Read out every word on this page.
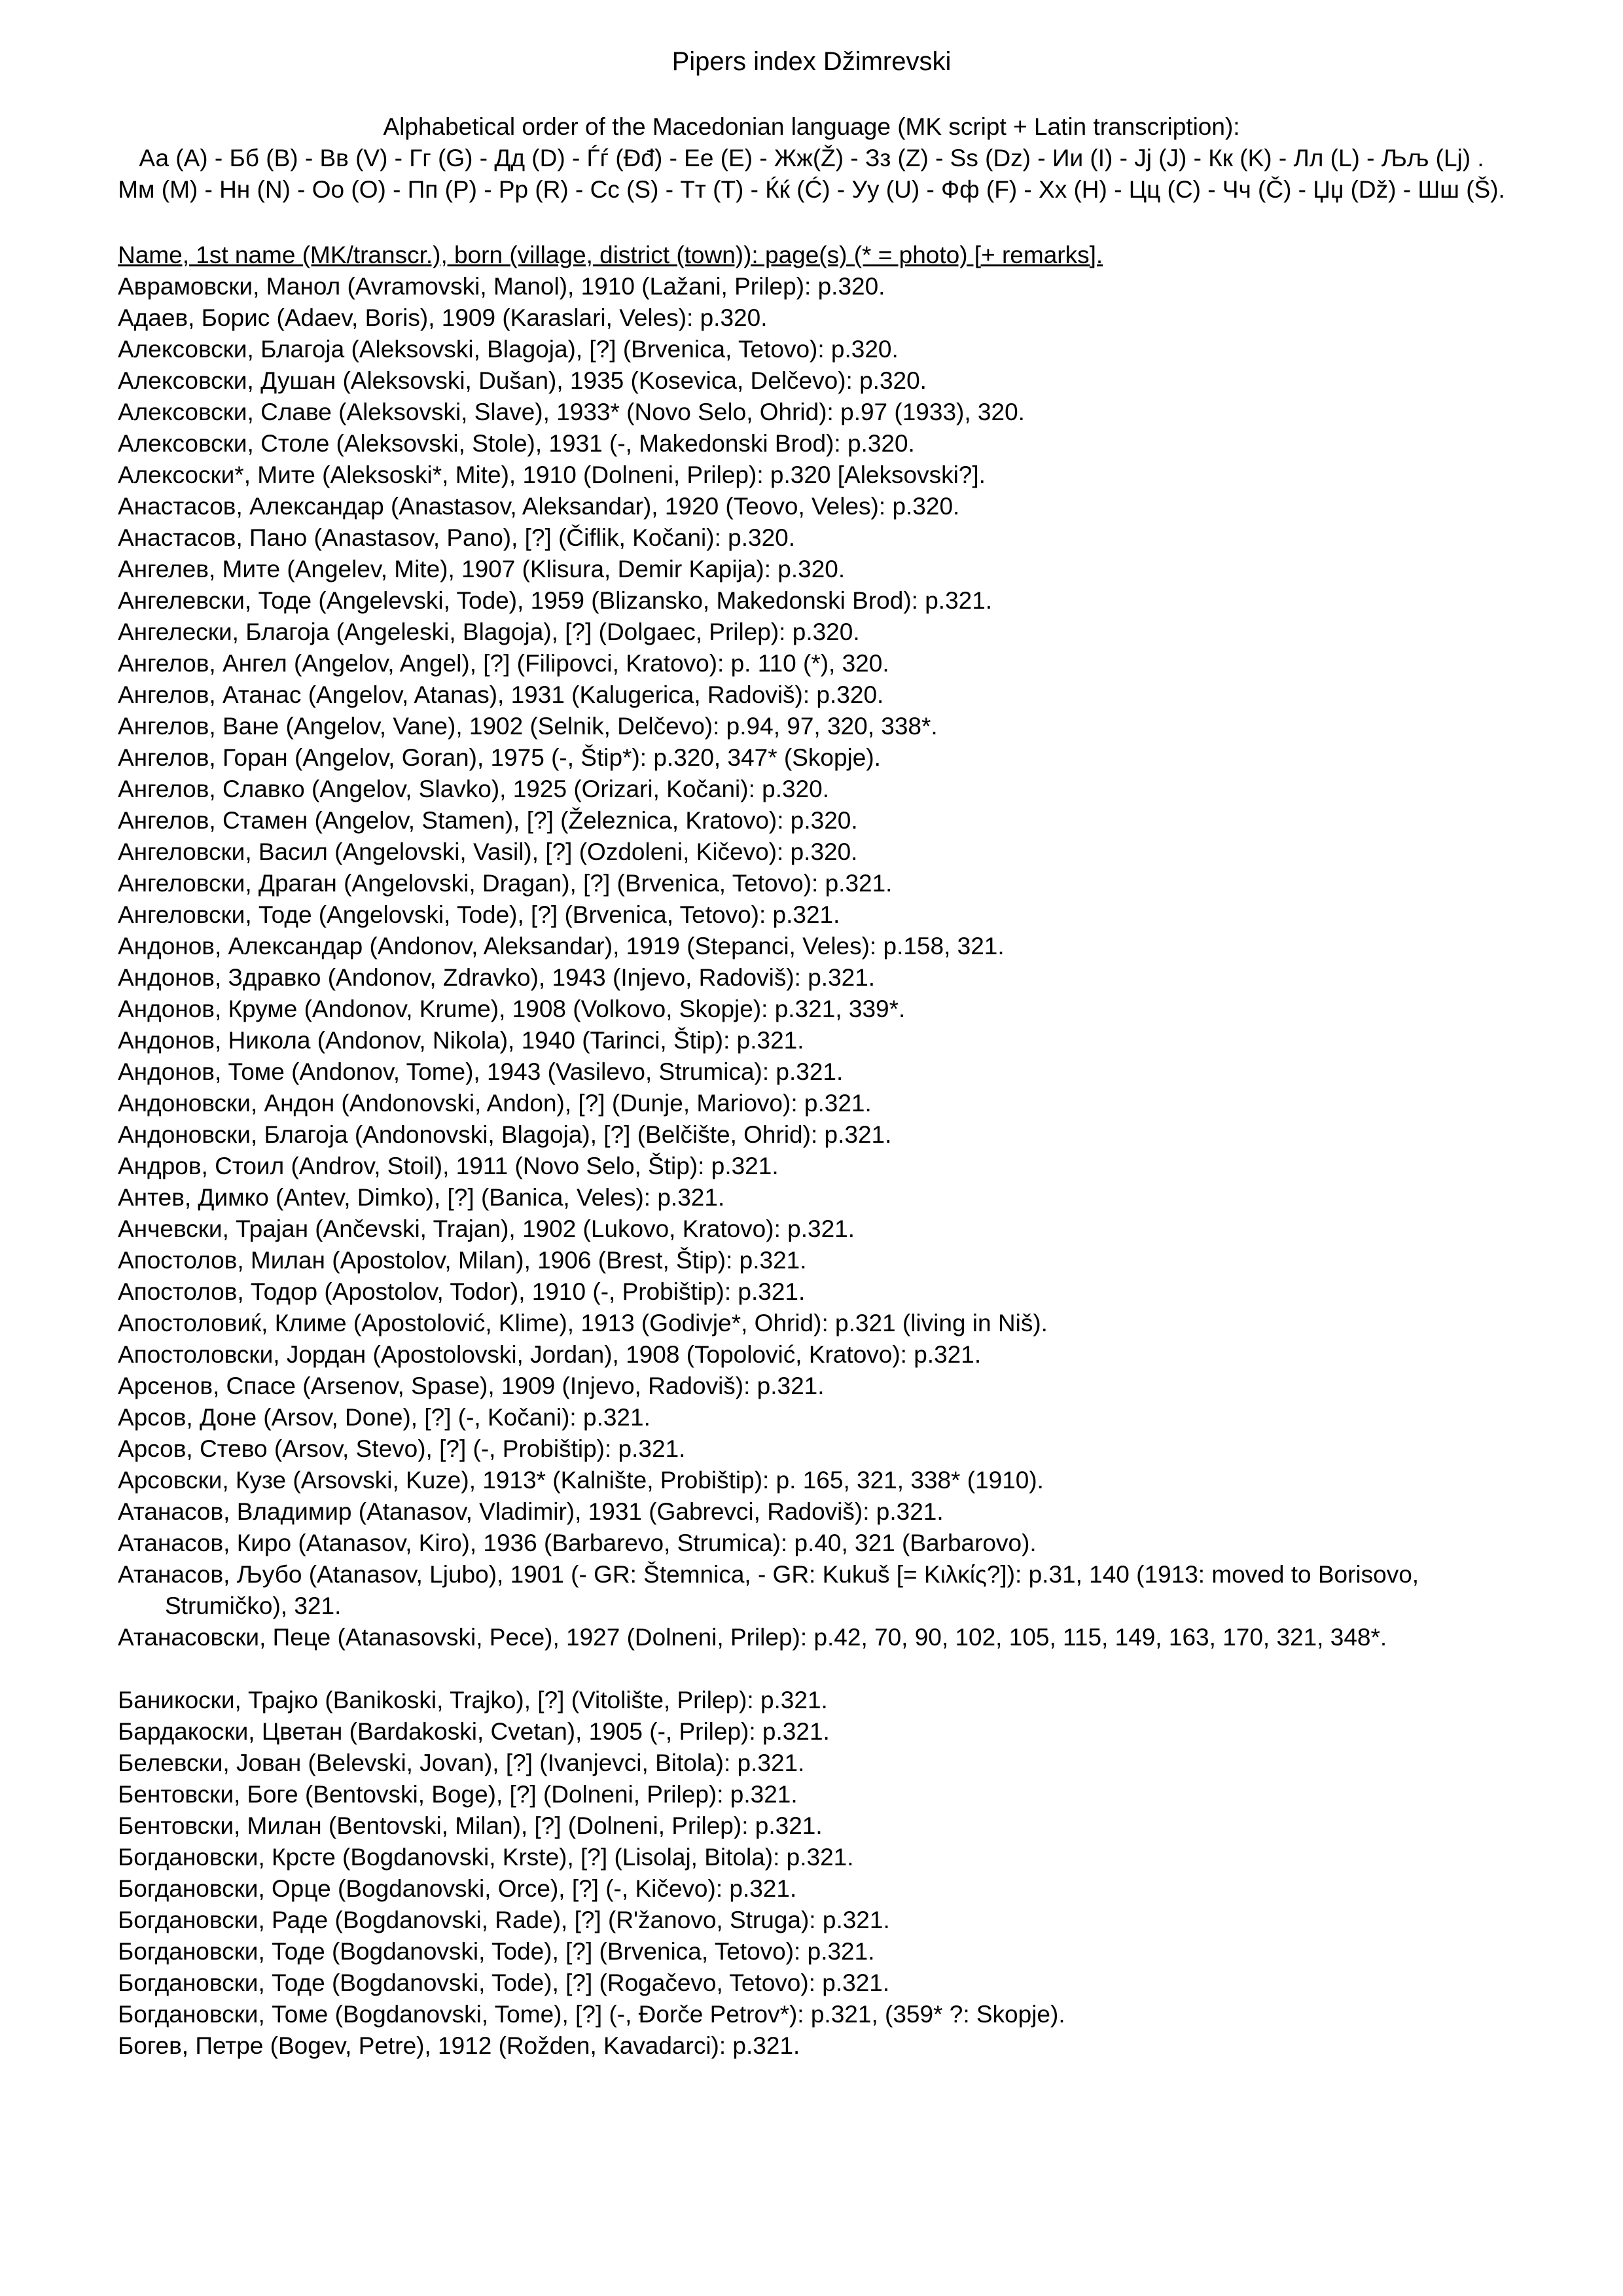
Pipers index Džimrevski
Alphabetical order of the Macedonian language (MK script + Latin transcription):
Аа (A) - Бб (B) - Вв (V) - Гг (G) - Дд (D) - Ѓѓ (Đđ) - Ее (E) - Жж(Ž) - Зз (Z) - Ss (Dz) - Ии (I) - Јј (J) - Кк (K) - Лл (L) - Љљ (Lj) .
Мм (M) - Нн (N) - Оо (O) - Пп (P) - Рр (R) - Сс (S) - Тт (T) - Ќќ (Ć) - Уу (U) - Фф (F) - Хх (H) - Цц (C) - Чч (Č) - Џџ (Dž) - Шш (Š).
Name, 1st name (MK/transcr.), born (village, district (town)): page(s) (* = photo) [+ remarks].
Аврамовски, Манол (Avramovski, Manol), 1910 (Lažani, Prilep): p.320.
Адаев, Борис (Adaev, Boris), 1909 (Karaslari, Veles): p.320.
Алексовски, Благоја (Aleksovski, Blagoja), [?] (Brvenica, Tetovo): p.320.
Алексовски, Душан (Aleksovski, Dušan), 1935 (Kosevica, Delčevo): p.320.
Алексовски, Славе (Aleksovski, Slave), 1933* (Novo Selo, Ohrid): p.97 (1933), 320.
Алексовски, Столе (Aleksovski, Stole), 1931 (-, Makedonski Brod): p.320.
Алексоски*, Мите (Aleksoski*, Mite), 1910 (Dolneni, Prilep): p.320 [Aleksovski?].
Анастасов, Александар (Anastasov, Aleksandar), 1920 (Teovo, Veles): p.320.
Анастасов, Пано (Anastasov, Pano), [?] (Čiflik, Kočani): p.320.
Ангелев, Мите (Angelev, Mite), 1907 (Klisura, Demir Kapija): p.320.
Ангелевски, Тоде (Angelevski, Tode), 1959 (Blizansko, Makedonski Brod): p.321.
Ангелески, Благоја (Angeleski, Blagoja), [?] (Dolgaec, Prilep): p.320.
Ангелов, Ангел (Angelov, Angel), [?] (Filipovci, Kratovo): p. 110 (*), 320.
Ангелов, Атанас (Angelov, Atanas), 1931 (Kalugerica, Radoviš): p.320.
Ангелов, Ване (Angelov, Vane), 1902 (Selnik, Delčevo): p.94, 97, 320, 338*.
Ангелов, Горан (Angelov, Goran), 1975 (-, Štip*): p.320, 347* (Skopje).
Ангелов, Славко (Angelov, Slavko), 1925 (Orizari, Kočani): p.320.
Ангелов, Стамен (Angelov, Stamen), [?] (Železnica, Kratovo): p.320.
Ангеловски, Васил (Angelovski, Vasil), [?] (Ozdoleni, Kičevo): p.320.
Ангеловски, Драган (Angelovski, Dragan), [?] (Brvenica, Tetovo): p.321.
Ангеловски, Тоде (Angelovski, Tode), [?] (Brvenica, Tetovo): p.321.
Андонов, Александар (Andonov, Aleksandar), 1919 (Stepanci, Veles): p.158, 321.
Андонов, Здравко (Andonov, Zdravko), 1943 (Injevo, Radoviš): p.321.
Андонов, Круме (Andonov, Krume), 1908 (Volkovo, Skopje): p.321, 339*.
Андонов, Никола (Andonov, Nikola), 1940 (Tarinci, Štip): p.321.
Андонов, Томе (Andonov, Tome), 1943 (Vasilevo, Strumica): p.321.
Андоновски, Андон (Andonovski, Andon), [?] (Dunje, Mariovo): p.321.
Андоновски, Благоја (Andonovski, Blagoja), [?] (Belčište, Ohrid): p.321.
Андров, Стоил (Androv, Stoil), 1911 (Novo Selo, Štip): p.321.
Антев, Димко (Antev, Dimko), [?] (Banica, Veles): p.321.
Анчевски, Трајан (Ančevski, Trajan), 1902 (Lukovo, Kratovo): p.321.
Апостолов, Милан (Apostolov, Milan), 1906 (Brest, Štip): p.321.
Апостолов, Тодор (Apostolov, Todor), 1910 (-, Probištip): p.321.
Апостоловиќ, Климе (Apostolović, Klime), 1913 (Godivje*, Ohrid): p.321 (living in Niš).
Апостоловски, Јордан (Apostolovski, Jordan), 1908 (Topolović, Kratovo): p.321.
Арсенов, Спасе (Arsenov, Spase), 1909 (Injevo, Radoviš): p.321.
Арсов, Доне (Arsov, Done), [?] (-, Kočani): p.321.
Арсов, Стево (Arsov, Stevo), [?] (-, Probištip): p.321.
Арсовски, Кузе (Arsovski, Kuze), 1913* (Kalnište, Probištip): p. 165, 321, 338* (1910).
Атанасов, Владимир (Atanasov, Vladimir), 1931 (Gabrevci, Radoviš): p.321.
Атанасов, Киро (Atanasov, Kiro), 1936 (Barbarevo, Strumica): p.40, 321 (Barbarovo).
Атанасов, Љубо (Atanasov, Ljubo), 1901 (- GR: Štemnica, - GR: Kukuš [= Κιλκίς?]): p.31, 140 (1913: moved to Borisovo, Strumičko), 321.
Атанасовски, Пеце (Atanasovski, Pece), 1927 (Dolneni, Prilep): p.42, 70, 90, 102, 105, 115, 149, 163, 170, 321, 348*.
Баникоски, Трајко (Banikoski, Trajko), [?] (Vitolište, Prilep): p.321.
Бардакоски, Цветан (Bardakoski, Cvetan), 1905 (-, Prilep): p.321.
Белевски, Јован (Belevski, Jovan), [?] (Ivanjevci, Bitola): p.321.
Бентовски, Боге (Bentovski, Boge), [?] (Dolneni, Prilep): p.321.
Бентовски, Милан (Bentovski, Milan), [?] (Dolneni, Prilep): p.321.
Богдановски, Крсте (Bogdanovski, Krste), [?] (Lisolaj, Bitola): p.321.
Богдановски, Орце (Bogdanovski, Orce), [?] (-, Kičevo): p.321.
Богдановски, Раде (Bogdanovski, Rade), [?] (R'žanovo, Struga): p.321.
Богдановски, Тоде (Bogdanovski, Tode), [?] (Brvenica, Tetovo): p.321.
Богдановски, Тоде (Bogdanovski, Tode), [?] (Rogačevo, Tetovo): p.321.
Богдановски, Томе (Bogdanovski, Tome), [?] (-, Đorče Petrov*): p.321, (359* ?: Skopje).
Богев, Петре (Bogev, Petre), 1912 (Rožden, Kavadarci): p.321.
